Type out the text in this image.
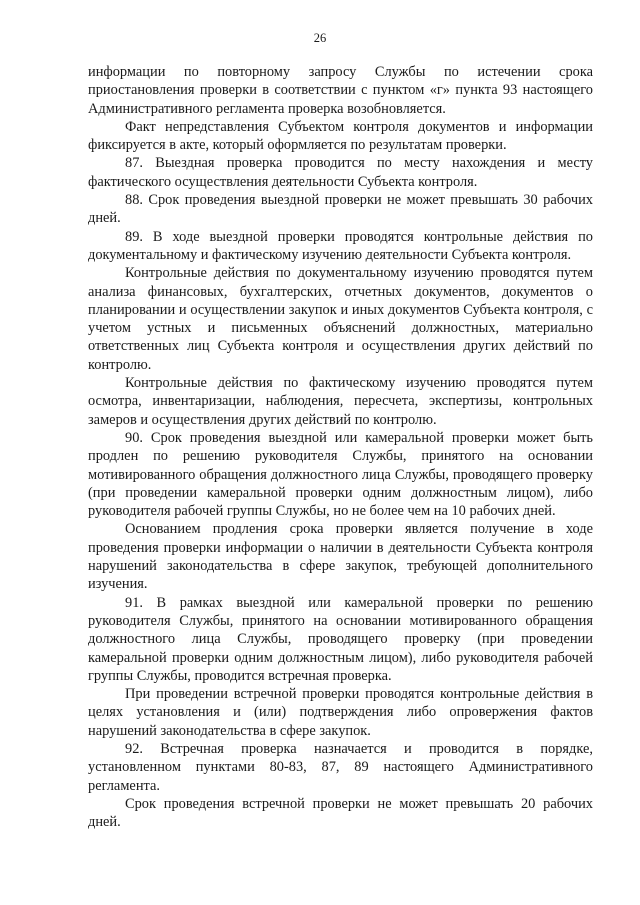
26

информации по повторному запросу Службы по истечении срока приостановления проверки в соответствии с пунктом «г» пункта 93 настоящего Административного регламента проверка возобновляется.

Факт непредставления Субъектом контроля документов и информации фиксируется в акте, который оформляется по результатам проверки.

87. Выездная проверка проводится по месту нахождения и месту фактического осуществления деятельности Субъекта контроля.

88. Срок проведения выездной проверки не может превышать 30 рабочих дней.

89. В ходе выездной проверки проводятся контрольные действия по документальному и фактическому изучению деятельности Субъекта контроля.

Контрольные действия по документальному изучению проводятся путем анализа финансовых, бухгалтерских, отчетных документов, документов о планировании и осуществлении закупок и иных документов Субъекта контроля, с учетом устных и письменных объяснений должностных, материально ответственных лиц Субъекта контроля и осуществления других действий по контролю.

Контрольные действия по фактическому изучению проводятся путем осмотра, инвентаризации, наблюдения, пересчета, экспертизы, контрольных замеров и осуществления других действий по контролю.

90. Срок проведения выездной или камеральной проверки может быть продлен по решению руководителя Службы, принятого на основании мотивированного обращения должностного лица Службы, проводящего проверку (при проведении камеральной проверки одним должностным лицом), либо руководителя рабочей группы Службы, но не более чем на 10 рабочих дней.

Основанием продления срока проверки является получение в ходе проведения проверки информации о наличии в деятельности Субъекта контроля нарушений законодательства в сфере закупок, требующей дополнительного изучения.

91. В рамках выездной или камеральной проверки по решению руководителя Службы, принятого на основании мотивированного обращения должностного лица Службы, проводящего проверку (при проведении камеральной проверки одним должностным лицом), либо руководителя рабочей группы Службы, проводится встречная проверка.

При проведении встречной проверки проводятся контрольные действия в целях установления и (или) подтверждения либо опровержения фактов нарушений законодательства в сфере закупок.

92. Встречная проверка назначается и проводится в порядке, установленном пунктами 80-83, 87, 89 настоящего Административного регламента.

Срок проведения встречной проверки не может превышать 20 рабочих дней.
